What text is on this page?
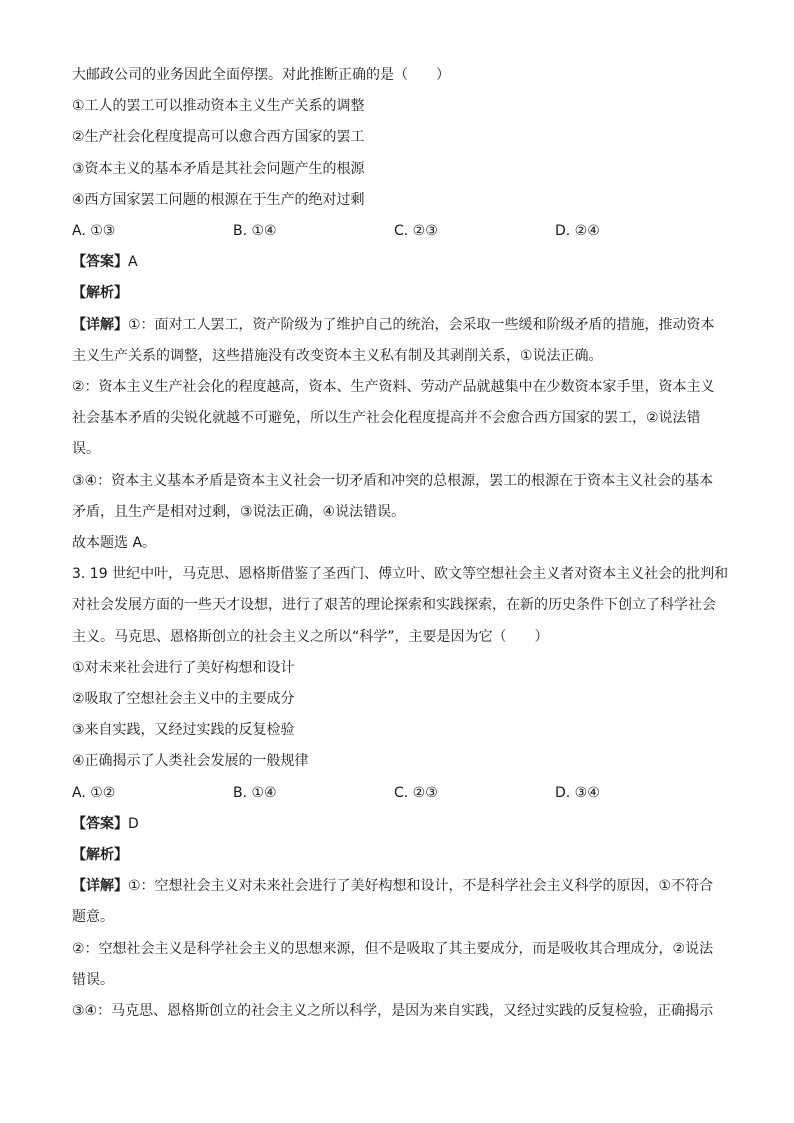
大邮政公司的业务因此全面停摆。对此推断正确的是（　　）
①工人的罢工可以推动资本主义生产关系的调整
②生产社会化程度提高可以愈合西方国家的罢工
③资本主义的基本矛盾是其社会问题产生的根源
④西方国家罢工问题的根源在于生产的绝对过剩
A. ①③	B. ①④	C. ②③	D. ②④
【答案】A
【解析】
【详解】①：面对工人罢工，资产阶级为了维护自己的统治，会采取一些缓和阶级矛盾的措施，推动资本
主义生产关系的调整，这些措施没有改变资本主义私有制及其剥削关系，①说法正确。
②：资本主义生产社会化的程度越高，资本、生产资料、劳动产品就越集中在少数资本家手里，资本主义
社会基本矛盾的尖锐化就越不可避免，所以生产社会化程度提高并不会愈合西方国家的罢工，②说法错
误。
③④：资本主义基本矛盾是资本主义社会一切矛盾和冲突的总根源，罢工的根源在于资本主义社会的基本
矛盾，且生产是相对过剩，③说法正确，④说法错误。
故本题选 A。
3. 19 世纪中叶，马克思、恩格斯借鉴了圣西门、傅立叶、欧文等空想社会主义者对资本主义社会的批判和
对社会发展方面的一些天才设想，进行了艰苦的理论探索和实践探索，在新的历史条件下创立了科学社会
主义。马克思、恩格斯创立的社会主义之所以“科学”，主要是因为它（　　）
①对未来社会进行了美好构想和设计
②吸取了空想社会主义中的主要成分
③来自实践，又经过实践的反复检验
④正确揭示了人类社会发展的一般规律
A. ①②	B. ①④	C. ②③	D. ③④
【答案】D
【解析】
【详解】①：空想社会主义对未来社会进行了美好构想和设计，不是科学社会主义科学的原因，①不符合
题意。
②：空想社会主义是科学社会主义的思想来源，但不是吸取了其主要成分，而是吸收其合理成分，②说法
错误。
③④：马克思、恩格斯创立的社会主义之所以科学，是因为来自实践，又经过实践的反复检验，正确揭示
